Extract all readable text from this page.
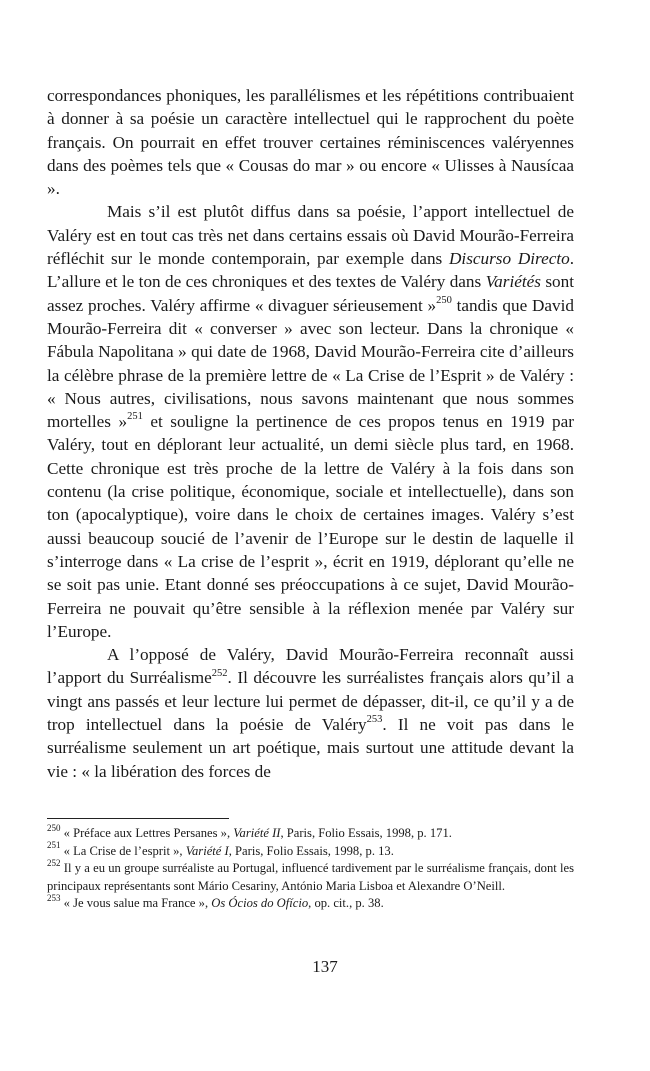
correspondances phoniques, les parallélismes et les répétitions contribuaient à donner à sa poésie un caractère intellectuel qui le rapprochent du poète français. On pourrait en effet trouver certaines réminiscences valéryennes dans des poèmes tels que « Cousas do mar » ou encore « Ulisses à Nausícaa ».

Mais s’il est plutôt diffus dans sa poésie, l’apport intellectuel de Valéry est en tout cas très net dans certains essais où David Mourão-Ferreira réfléchit sur le monde contemporain, par exemple dans Discurso Directo. L’allure et le ton de ces chroniques et des textes de Valéry dans Variétés sont assez proches. Valéry affirme « divaguer sérieusement »$^{250}$ tandis que David Mourão-Ferreira dit « converser » avec son lecteur. Dans la chronique « Fábula Napolitana » qui date de 1968, David Mourão-Ferreira cite d’ailleurs la célèbre phrase de la première lettre de « La Crise de l’Esprit » de Valéry : « Nous autres, civilisations, nous savons maintenant que nous sommes mortelles »$^{251}$ et souligne la pertinence de ces propos tenus en 1919 par Valéry, tout en déplorant leur actualité, un demi siècle plus tard, en 1968. Cette chronique est très proche de la lettre de Valéry à la fois dans son contenu (la crise politique, économique, sociale et intellectuelle), dans son ton (apocalyptique), voire dans le choix de certaines images. Valéry s’est aussi beaucoup soucié de l’avenir de l’Europe sur le destin de laquelle il s’interroge dans « La crise de l’esprit », écrit en 1919, déplorant qu’elle ne se soit pas unie. Etant donné ses préoccupations à ce sujet, David Mourão-Ferreira ne pouvait qu’être sensible à la réflexion menée par Valéry sur l’Europe.

A l’opposé de Valéry, David Mourão-Ferreira reconnaît aussi l’apport du Surréalisme$^{252}$. Il découvre les surréalistes français alors qu’il a vingt ans passés et leur lecture lui permet de dépasser, dit-il, ce qu’il y a de trop intellectuel dans la poésie de Valéry$^{253}$. Il ne voit pas dans le surréalisme seulement un art poétique, mais surtout une attitude devant la vie : « la libération des forces de

$^{250}$ « Préface aux Lettres Persanes », Variété II, Paris, Folio Essais, 1998, p. 171.

$^{251}$ « La Crise de l’esprit », Variété I, Paris, Folio Essais, 1998, p. 13.

$^{252}$ Il y a eu un groupe surréaliste au Portugal, influencé tardivement par le surréalisme français, dont les principaux représentants sont Mário Cesariny, António Maria Lisboa et Alexandre O’Neill.

$^{253}$ « Je vous salue ma France », Os Ócios do Ofício, op. cit., p. 38.

137
